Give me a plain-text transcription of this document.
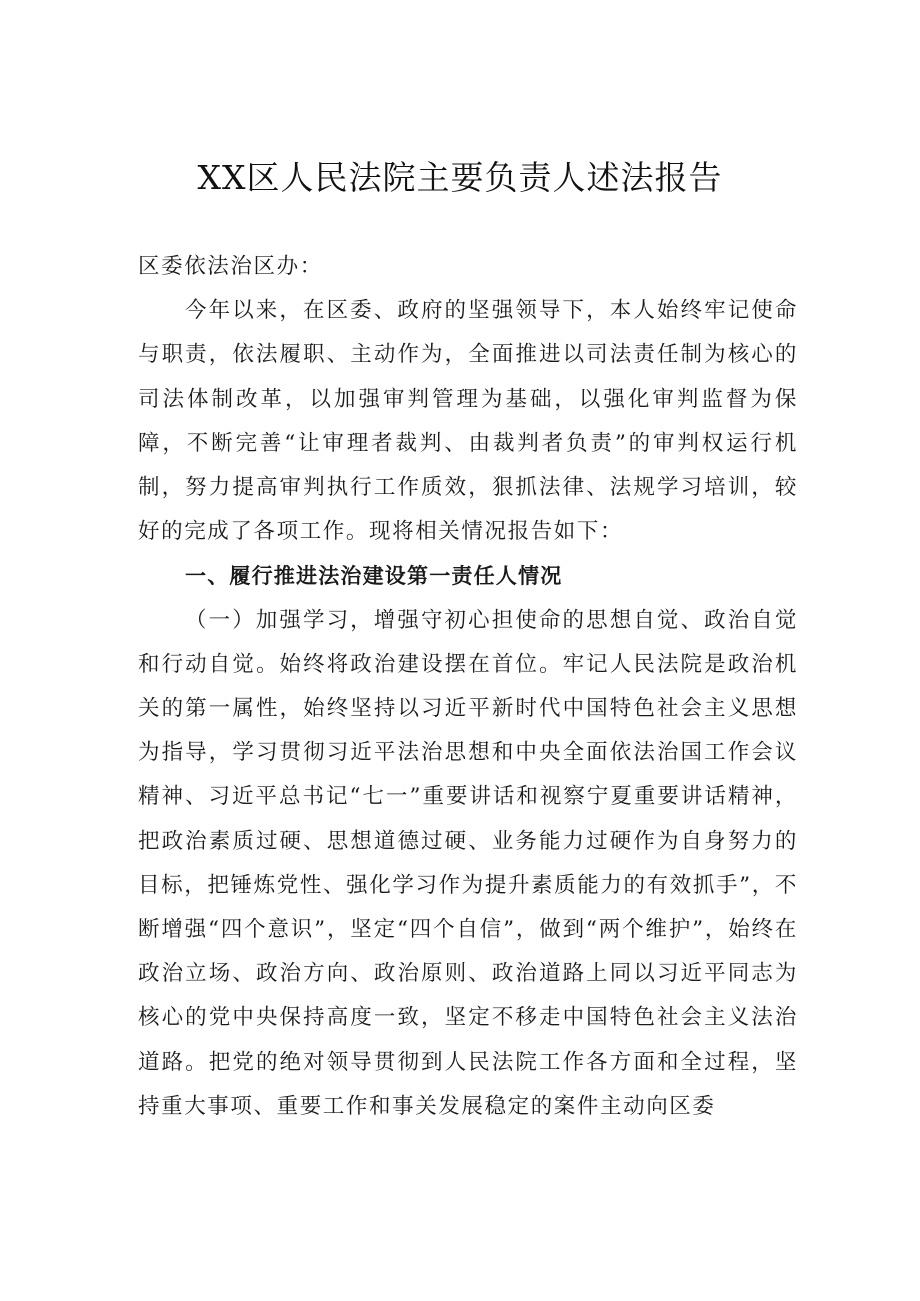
XX区人民法院主要负责人述法报告

区委依法治区办：

今年以来，在区委、政府的坚强领导下，本人始终牢记使命与职责，依法履职、主动作为，全面推进以司法责任制为核心的司法体制改革，以加强审判管理为基础，以强化审判监督为保障，不断完善“让审理者裁判、由裁判者负责”的审判权运行机制，努力提高审判执行工作质效，狠抓法律、法规学习培训，较好的完成了各项工作。现将相关情况报告如下：

一、履行推进法治建设第一责任人情况

（一）加强学习，增强守初心担使命的思想自觉、政治自觉和行动自觉。始终将政治建设摆在首位。牢记人民法院是政治机关的第一属性，始终坚持以习近平新时代中国特色社会主义思想为指导，学习贯彻习近平法治思想和中央全面依法治国工作会议精神、习近平总书记“七一”重要讲话和视察宁夏重要讲话精神，把政治素质过硬、思想道德过硬、业务能力过硬作为自身努力的目标，把锤炼党性、强化学习作为提升素质能力的有效抓手”，不断增强“四个意识”，坚定“四个自信”，做到“两个维护”，始终在政治立场、政治方向、政治原则、政治道路上同以习近平同志为核心的党中央保持高度一致，坚定不移走中国特色社会主义法治道路。把党的绝对领导贯彻到人民法院工作各方面和全过程，坚持重大事项、重要工作和事关发展稳定的案件主动向区委
